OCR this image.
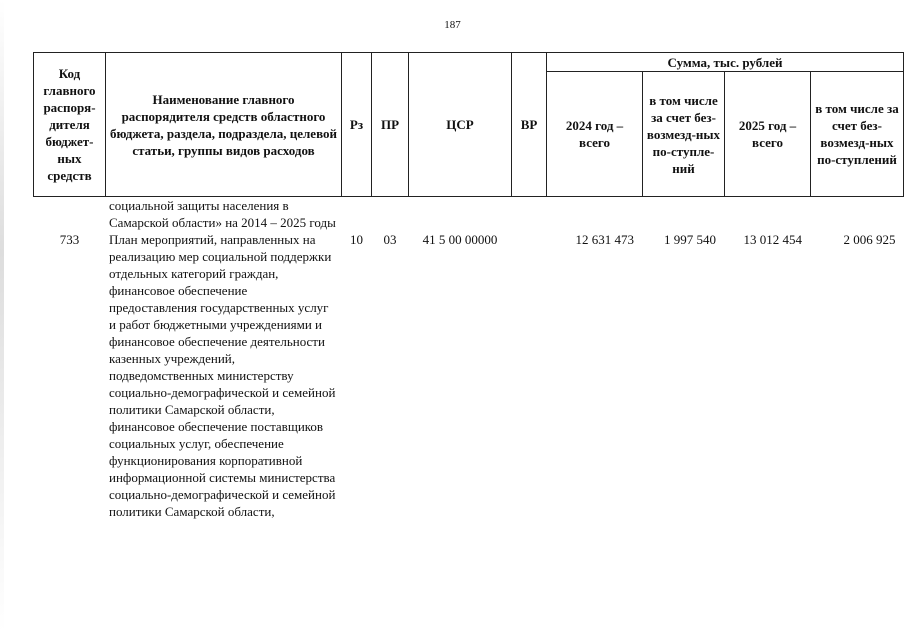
187
Код главного распоря-дителя бюджет-ных средств	Наименование главного распорядителя средств областного бюджета, раздела, подраздела, целевой статьи, группы видов расходов	Рз	ПР	ЦСР	ВР	Сумма, тыс. рублей			
						2024 год – всего	в том числе за счет без-возмезд-ных по-ступле-ний	2025 год – всего	в том числе за счет без-возмезд-ных по-ступлений
	социальной защиты населения в Самарской области» на 2014 – 2025 годы								
733	План мероприятий, направленных на реализацию мер социальной поддержки отдельных категорий граждан, финансовое обеспечение предоставления государственных услуг и работ бюджетными учреждениями и финансовое обеспечение деятельности казенных учреждений, подведомственных министерству социально-демографической и семейной политики Самарской области, финансовое обеспечение поставщиков социальных услуг, обеспечение функционирования корпоративной информационной системы министерства социально-демографической и семейной политики Самарской области,	10	03	41 5 00 00000		12 631 473	1 997 540	13 012 454	2 006 925
